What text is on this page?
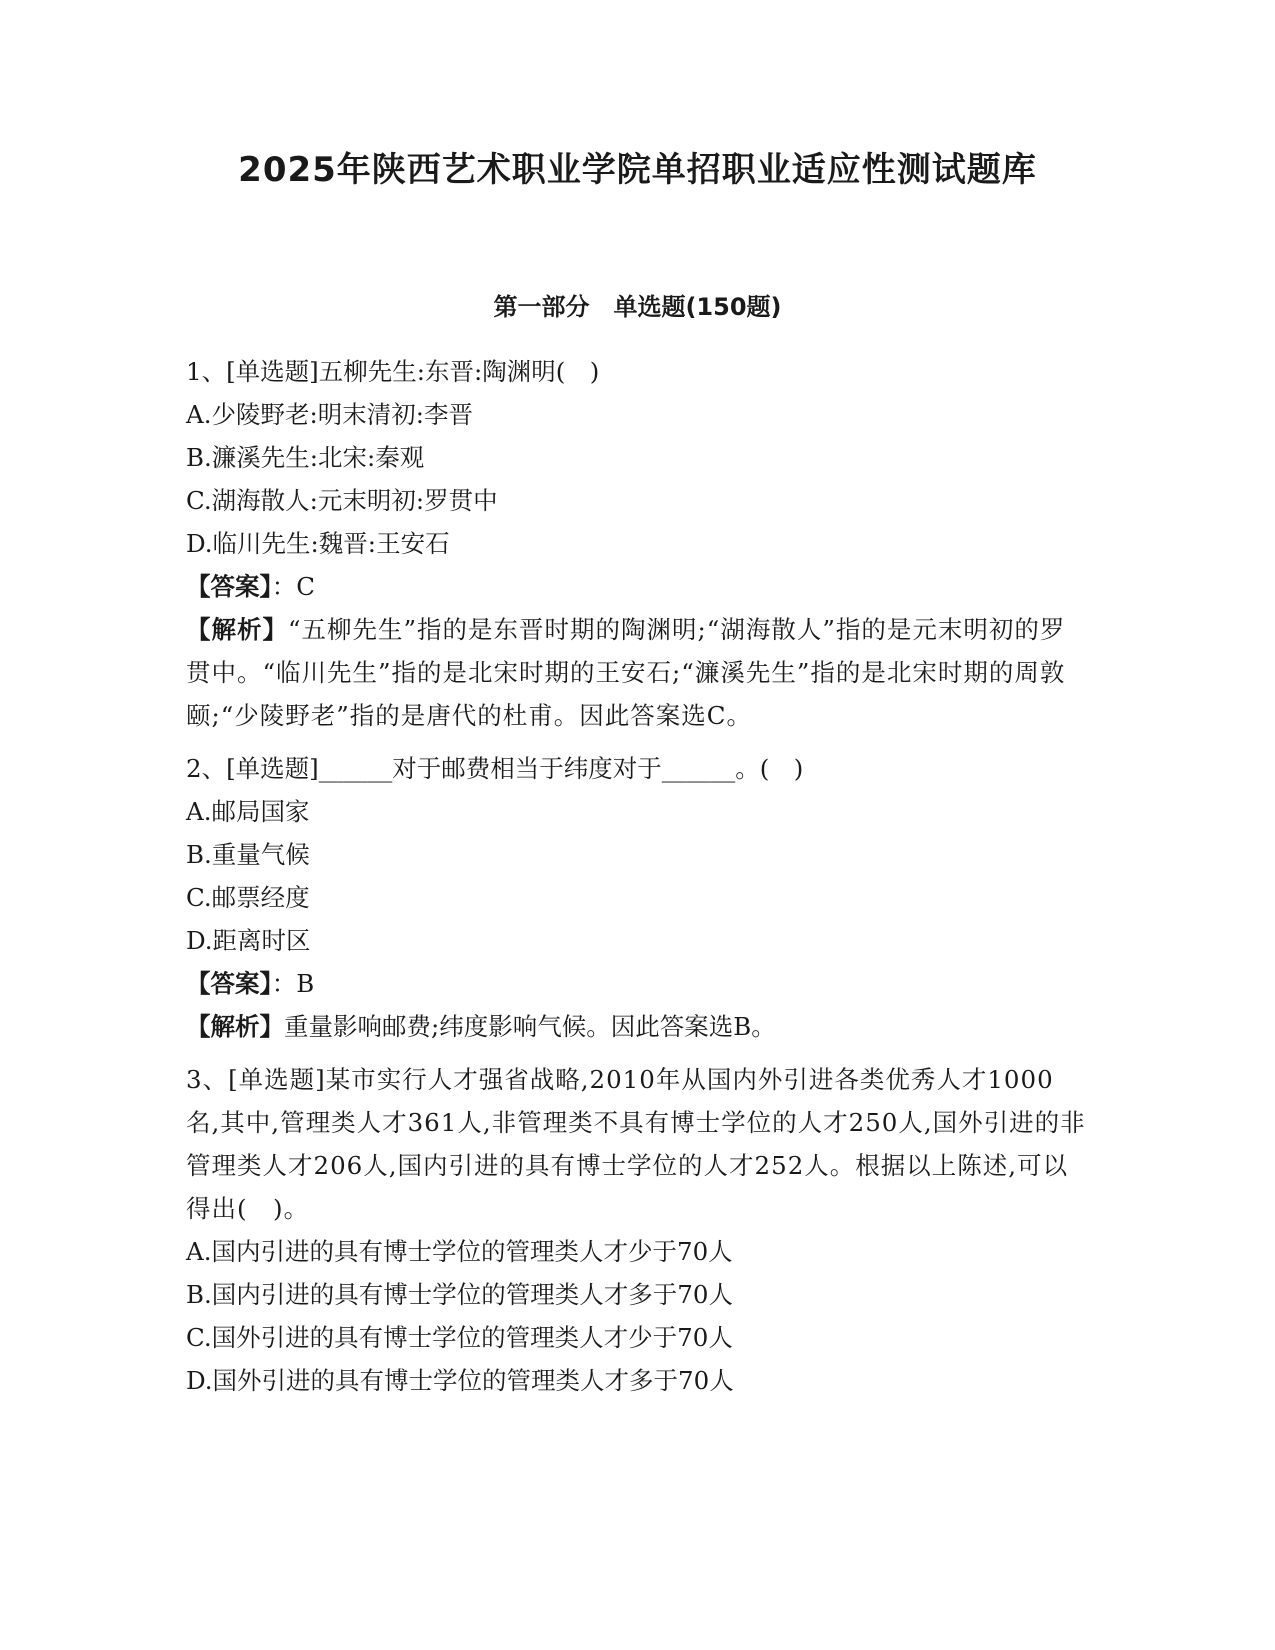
2025年陕西艺术职业学院单招职业适应性测试题库
第一部分　单选题(150题)
1、[单选题]五柳先生:东晋:陶渊明(　)
A.少陵野老:明末清初:李晋
B.濂溪先生:北宋:秦观
C.湖海散人:元末明初:罗贯中
D.临川先生:魏晋:王安石
【答案】：C
【解析】“五柳先生”指的是东晋时期的陶渊明;“湖海散人”指的是元末明初的罗贯中。“临川先生”指的是北宋时期的王安石;“濂溪先生”指的是北宋时期的周敦颐;“少陵野老”指的是唐代的杜甫。因此答案选C。
2、[单选题]______对于邮费相当于纬度对于______。(　)
A.邮局国家
B.重量气候
C.邮票经度
D.距离时区
【答案】：B
【解析】重量影响邮费;纬度影响气候。因此答案选B。
3、[单选题]某市实行人才强省战略,2010年从国内外引进各类优秀人才1000名,其中,管理类人才361人,非管理类不具有博士学位的人才250人,国外引进的非管理类人才206人,国内引进的具有博士学位的人才252人。根据以上陈述,可以得出(　)。
A.国内引进的具有博士学位的管理类人才少于70人
B.国内引进的具有博士学位的管理类人才多于70人
C.国外引进的具有博士学位的管理类人才少于70人
D.国外引进的具有博士学位的管理类人才多于70人
